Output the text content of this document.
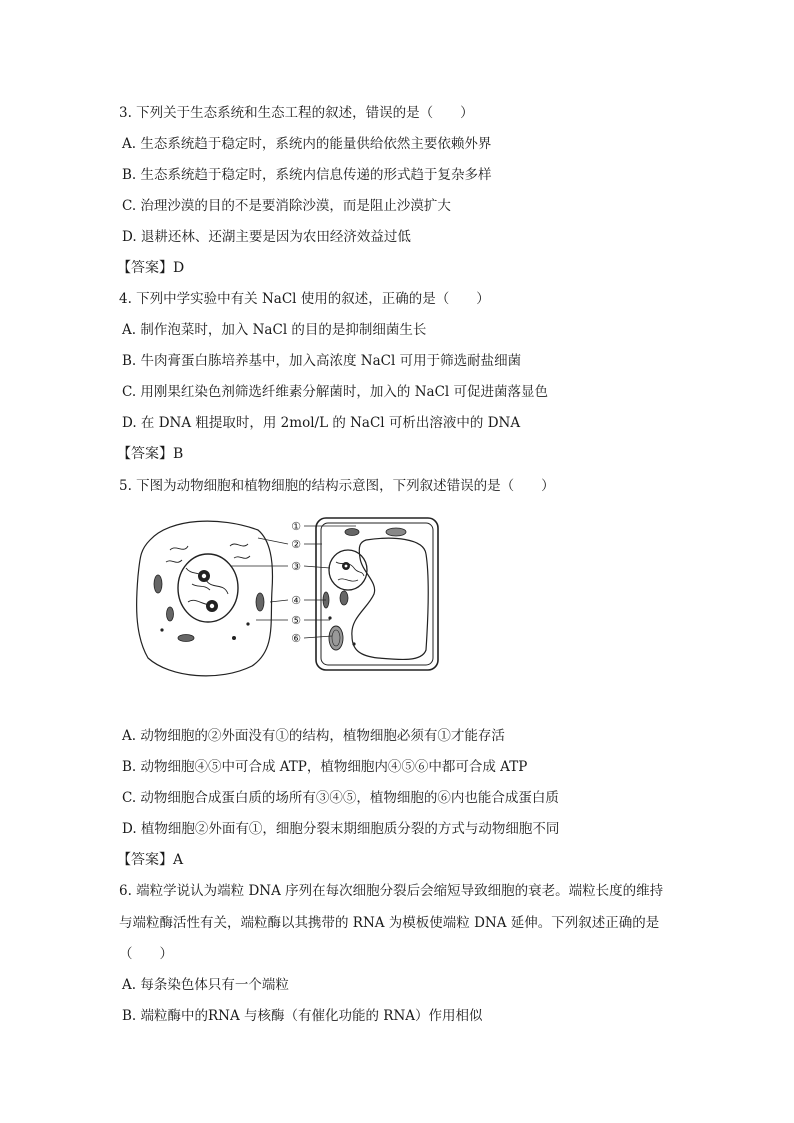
3. 下列关于生态系统和生态工程的叙述，错误的是（　　）
A. 生态系统趋于稳定时，系统内的能量供给依然主要依赖外界
B. 生态系统趋于稳定时，系统内信息传递的形式趋于复杂多样
C. 治理沙漠的目的不是要消除沙漠，而是阻止沙漠扩大
D. 退耕还林、还湖主要是因为农田经济效益过低
【答案】D
4. 下列中学实验中有关 NaCl 使用的叙述，正确的是（　　）
A. 制作泡菜时，加入 NaCl 的目的是抑制细菌生长
B. 牛肉膏蛋白胨培养基中，加入高浓度 NaCl 可用于筛选耐盐细菌
C. 用刚果红染色剂筛选纤维素分解菌时，加入的 NaCl 可促进菌落显色
D. 在 DNA 粗提取时，用 2mol/L 的 NaCl 可析出溶液中的 DNA
【答案】B
5. 下图为动物细胞和植物细胞的结构示意图，下列叙述错误的是（　　）
①
②
③
④
⑤
⑥
A. 动物细胞的②外面没有①的结构，植物细胞必须有①才能存活
B. 动物细胞④⑤中可合成 ATP，植物细胞内④⑤⑥中都可合成 ATP
C. 动物细胞合成蛋白质的场所有③④⑤，植物细胞的⑥内也能合成蛋白质
D. 植物细胞②外面有①，细胞分裂末期细胞质分裂的方式与动物细胞不同
【答案】A
6. 端粒学说认为端粒 DNA 序列在每次细胞分裂后会缩短导致细胞的衰老。端粒长度的维持
与端粒酶活性有关，端粒酶以其携带的 RNA 为模板使端粒 DNA 延伸。下列叙述正确的是
（　　）
A. 每条染色体只有一个端粒
B. 端粒酶中的RNA 与核酶（有催化功能的 RNA）作用相似
